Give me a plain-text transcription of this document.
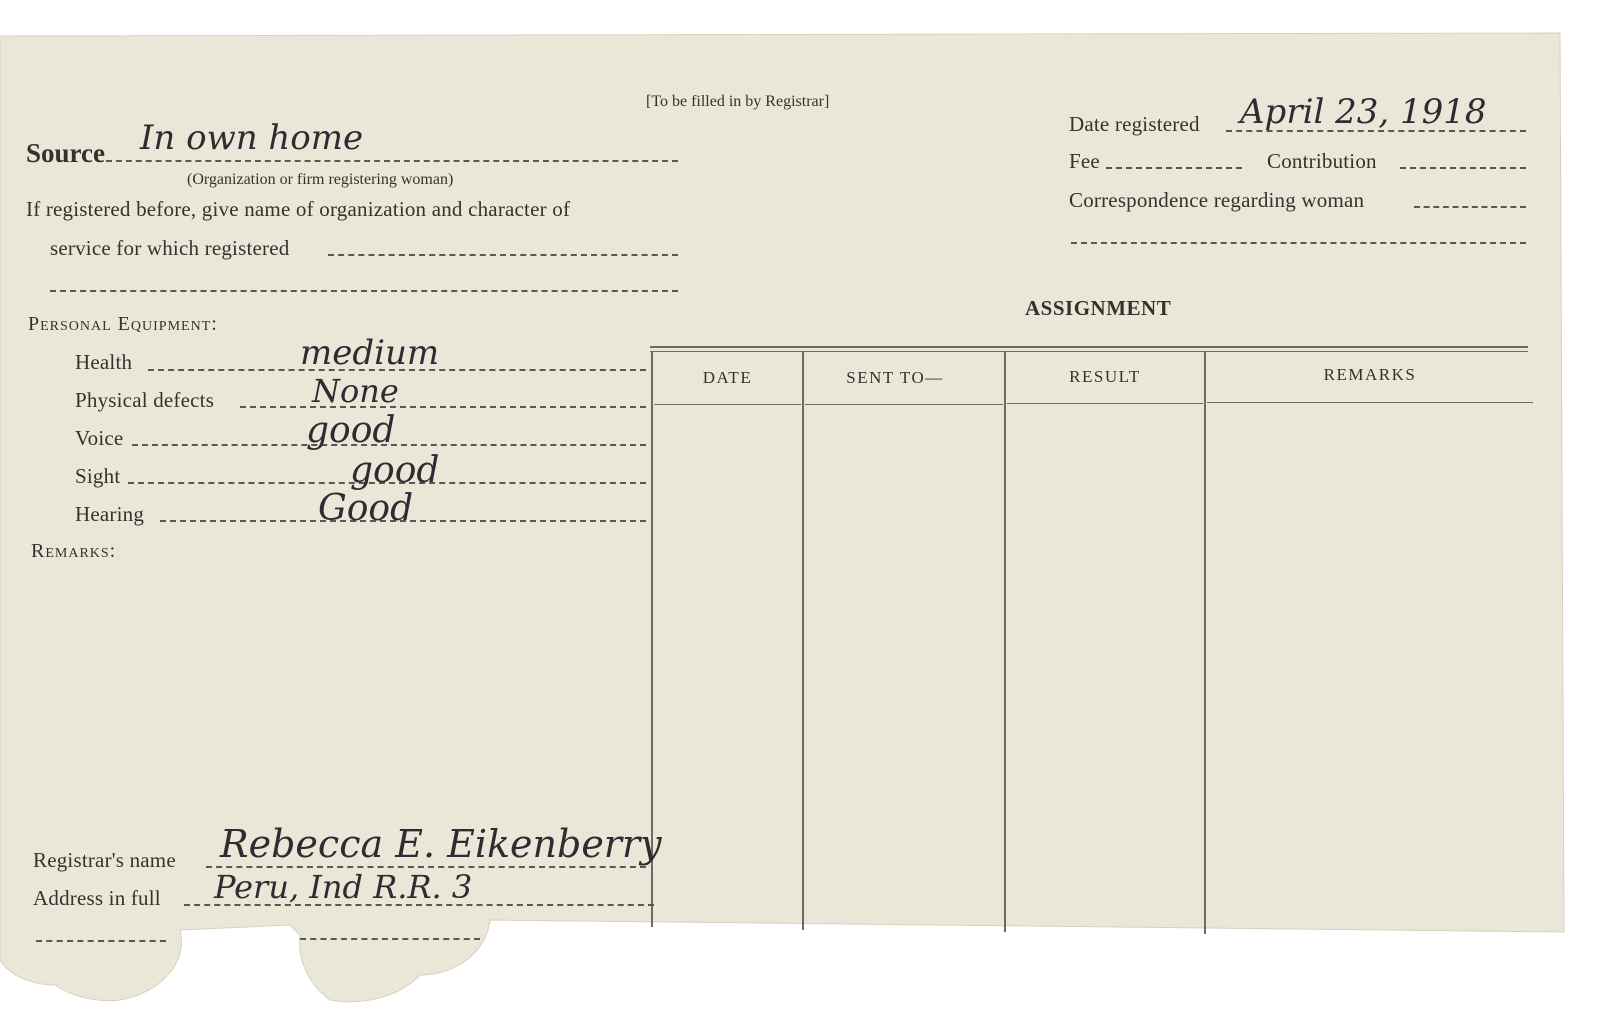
[To be filled in by Registrar]
Source In own home
(Organization or firm registering woman)
If registered before, give name of organization and character of
service for which registered
Personal Equipment:
Health	medium
Physical defects	None
Voice	good
Sight	good
Hearing	Good
Remarks:
Date registered April 23, 1918
Fee	Contribution
Correspondence regarding woman
ASSIGNMENT
DATE	SENT TO—	RESULT	REMARKS
Registrar's name Rebecca E. Eikenberry
Address in full Peru, Ind R.R. 3
